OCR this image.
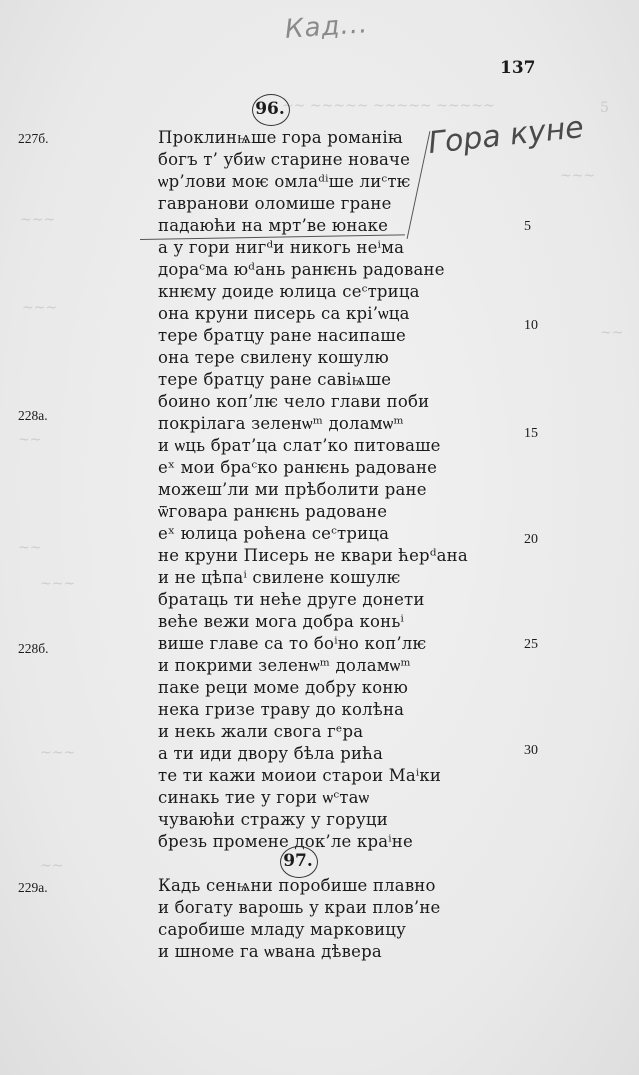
~~ ~~~~~ ~~~~~ ~~~~~	5
~~~
~~~
~~~
~~
~~
~~
~~~
~~~
~~
Кад...
137
96.
Гора куне
Проклинѩше гора романiꙗ
богъ т’ убиѡ старине новаче
ѡр’лови моѥ омлаᵈⁱше лиᶜтѥ
гавранови оломише гране
падаюћи на мрт’ве юнаке
а у гори нигᵈи никогь неⁱма
дораᶜма юᵈань ранѥнь радоване
кнѥму доиде юлица сеᶜтрица
она круни писерь са крi’ѡца
тере братцу ране насипаше
она тере свилену кошулю
тере братцу ране савiѩше
боино коп’лѥ чело глави поби
покрiлага зеленѡᵐ доламѡᵐ
и ѡць брат’ца слат’ко питоваше
eˣ мои браᶜко ранѥнь радоване
можеш’ли ми прѣболити ране
ѿговара ранѥнь радоване
eˣ юлица роћена сеᶜтрица
не круни Писерь не квари ћерᵈана
и не цѣпаⁱ свилене кошулѥ
братаць ти неће друге донети
веће вежи мога добра коньⁱ
више главе са то боⁱно коп’лѥ
и покрими зеленѡᵐ доламѡᵐ
паке реци моме добру коню
нека гризе траву до колѣна
и некь жали свога гᵉра
а ти иди двору бѣла рића
те ти кажи моиои старои Маⁱки
синакь тие у гори ѡᶜтаѡ
чуваюћи стражу у горуци
брезь промене док’ле краⁱне
227б.
228а.
228б.
5
10
15
20
25
30
97.
229а.	Кадь сенѩни поробише плавно
и богату варошь у краи плов’не
саробише младу марковицу
и шноме га ѡвана дѣвера
